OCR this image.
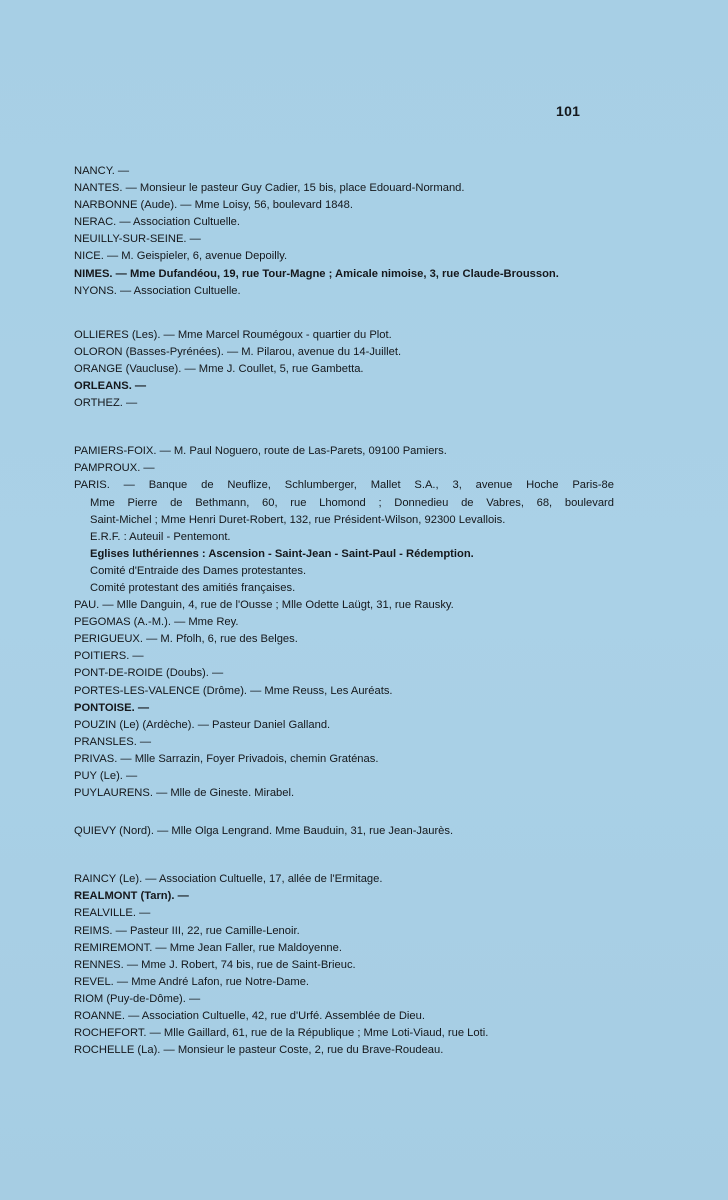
101
NANCY. —
NANTES. — Monsieur le pasteur Guy Cadier, 15 bis, place Edouard-Normand.
NARBONNE (Aude). — Mme Loisy, 56, boulevard 1848.
NERAC. — Association Cultuelle.
NEUILLY-SUR-SEINE. —
NICE. — M. Geispieler, 6, avenue Depoilly.
NIMES. — Mme Dufandéou, 19, rue Tour-Magne ; Amicale nimoise, 3, rue Claude-Brousson.
NYONS. — Association Cultuelle.
OLLIERES (Les). — Mme Marcel Roumégoux - quartier du Plot.
OLORON (Basses-Pyrénées). — M. Pilarou, avenue du 14-Juillet.
ORANGE (Vaucluse). — Mme J. Coullet, 5, rue Gambetta.
ORLEANS. —
ORTHEZ. —
PAMIERS-FOIX. — M. Paul Noguero, route de Las-Parets, 09100 Pamiers.
PAMPROUX. —
PARIS. — Banque de Neuflize, Schlumberger, Mallet S.A., 3, avenue Hoche Paris-8e
Mme Pierre de Bethmann, 60, rue Lhomond ; Donnedieu de Vabres, 68, boulevard
Saint-Michel ; Mme Henri Duret-Robert, 132, rue Président-Wilson, 92300 Levallois.
E.R.F. : Auteuil - Pentemont.
Eglises luthériennes : Ascension - Saint-Jean - Saint-Paul - Rédemption.
Comité d'Entraide des Dames protestantes.
Comité protestant des amitiés françaises.
PAU. — Mlle Danguin, 4, rue de l'Ousse ; Mlle Odette Laügt, 31, rue Rausky.
PEGOMAS (A.-M.). — Mme Rey.
PERIGUEUX. — M. Pfolh, 6, rue des Belges.
POITIERS. —
PONT-DE-ROIDE (Doubs). —
PORTES-LES-VALENCE (Drôme). — Mme Reuss, Les Auréats.
PONTOISE. —
POUZIN (Le) (Ardèche). — Pasteur Daniel Galland.
PRANSLES. —
PRIVAS. — Mlle Sarrazin, Foyer Privadois, chemin Graténas.
PUY (Le). —
PUYLAURENS. — Mlle de Gineste. Mirabel.
QUIEVY (Nord). — Mlle Olga Lengrand. Mme Bauduin, 31, rue Jean-Jaurès.
RAINCY (Le). — Association Cultuelle, 17, allée de l'Ermitage.
REALMONT (Tarn). —
REALVILLE. —
REIMS. — Pasteur III, 22, rue Camille-Lenoir.
REMIREMONT. — Mme Jean Faller, rue Maldoyenne.
RENNES. — Mme J. Robert, 74 bis, rue de Saint-Brieuc.
REVEL. — Mme André Lafon, rue Notre-Dame.
RIOM (Puy-de-Dôme). —
ROANNE. — Association Cultuelle, 42, rue d'Urfé. Assemblée de Dieu.
ROCHEFORT. — Mlle Gaillard, 61, rue de la République ; Mme Loti-Viaud, rue Loti.
ROCHELLE (La). — Monsieur le pasteur Coste, 2, rue du Brave-Roudeau.
